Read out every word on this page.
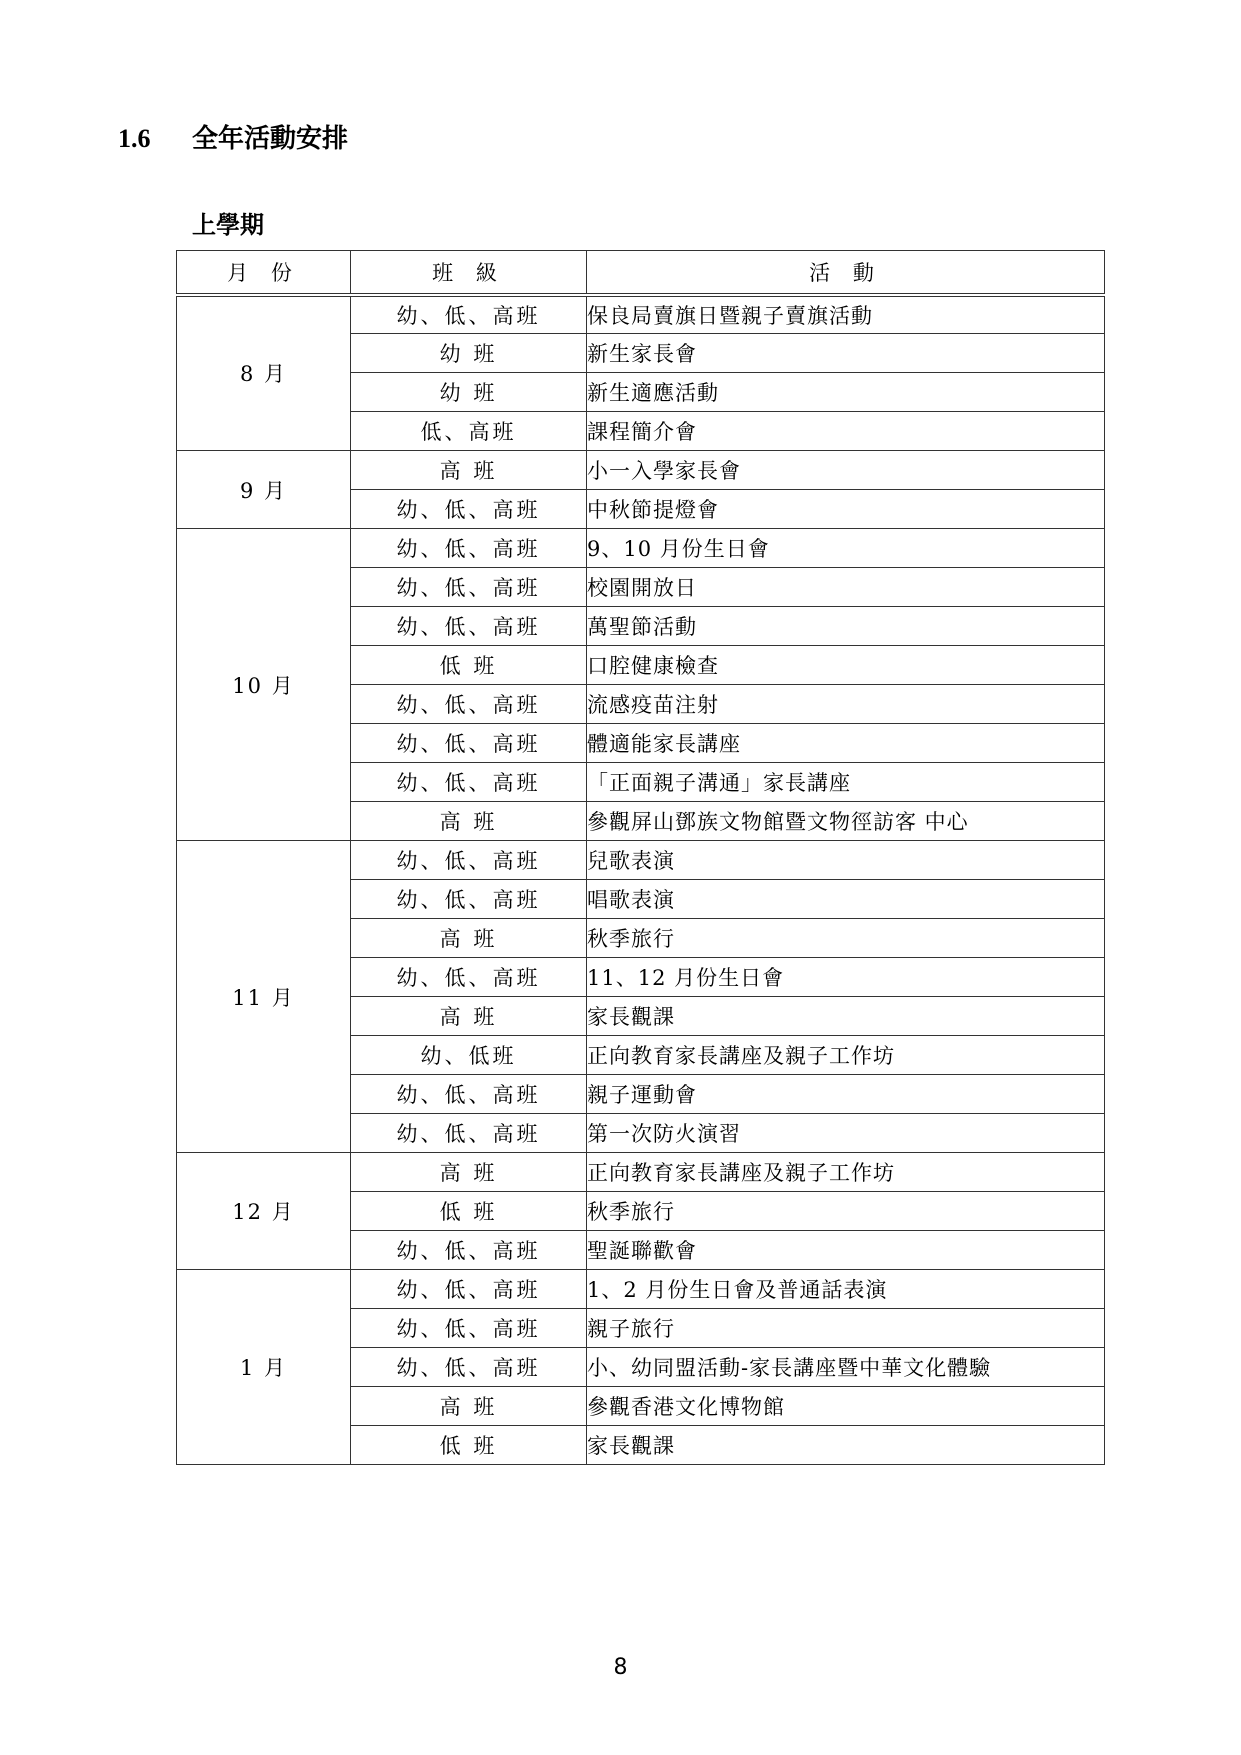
1.6 全年活動安排
上學期
月 份	班 級	活 動
8 月	幼、低、高班	保良局賣旗日暨親子賣旗活動
	幼 班	新生家長會
	幼 班	新生適應活動
	低、高班	課程簡介會
9 月	高 班	小一入學家長會
	幼、低、高班	中秋節提燈會
10 月	幼、低、高班	9、10 月份生日會
	幼、低、高班	校園開放日
	幼、低、高班	萬聖節活動
	低 班	口腔健康檢查
	幼、低、高班	流感疫苗注射
	幼、低、高班	體適能家長講座
	幼、低、高班	「正面親子溝通」家長講座
	高 班	參觀屏山鄧族文物館暨文物徑訪客 中心
11 月	幼、低、高班	兒歌表演
	幼、低、高班	唱歌表演
	高 班	秋季旅行
	幼、低、高班	11、12 月份生日會
	高 班	家長觀課
	幼、低班	正向教育家長講座及親子工作坊
	幼、低、高班	親子運動會
	幼、低、高班	第一次防火演習
12 月	高 班	正向教育家長講座及親子工作坊
	低 班	秋季旅行
	幼、低、高班	聖誕聯歡會
1 月	幼、低、高班	1、2 月份生日會及普通話表演
	幼、低、高班	親子旅行
	幼、低、高班	小、幼同盟活動-家長講座暨中華文化體驗
	高 班	參觀香港文化博物館
	低 班	家長觀課
8
